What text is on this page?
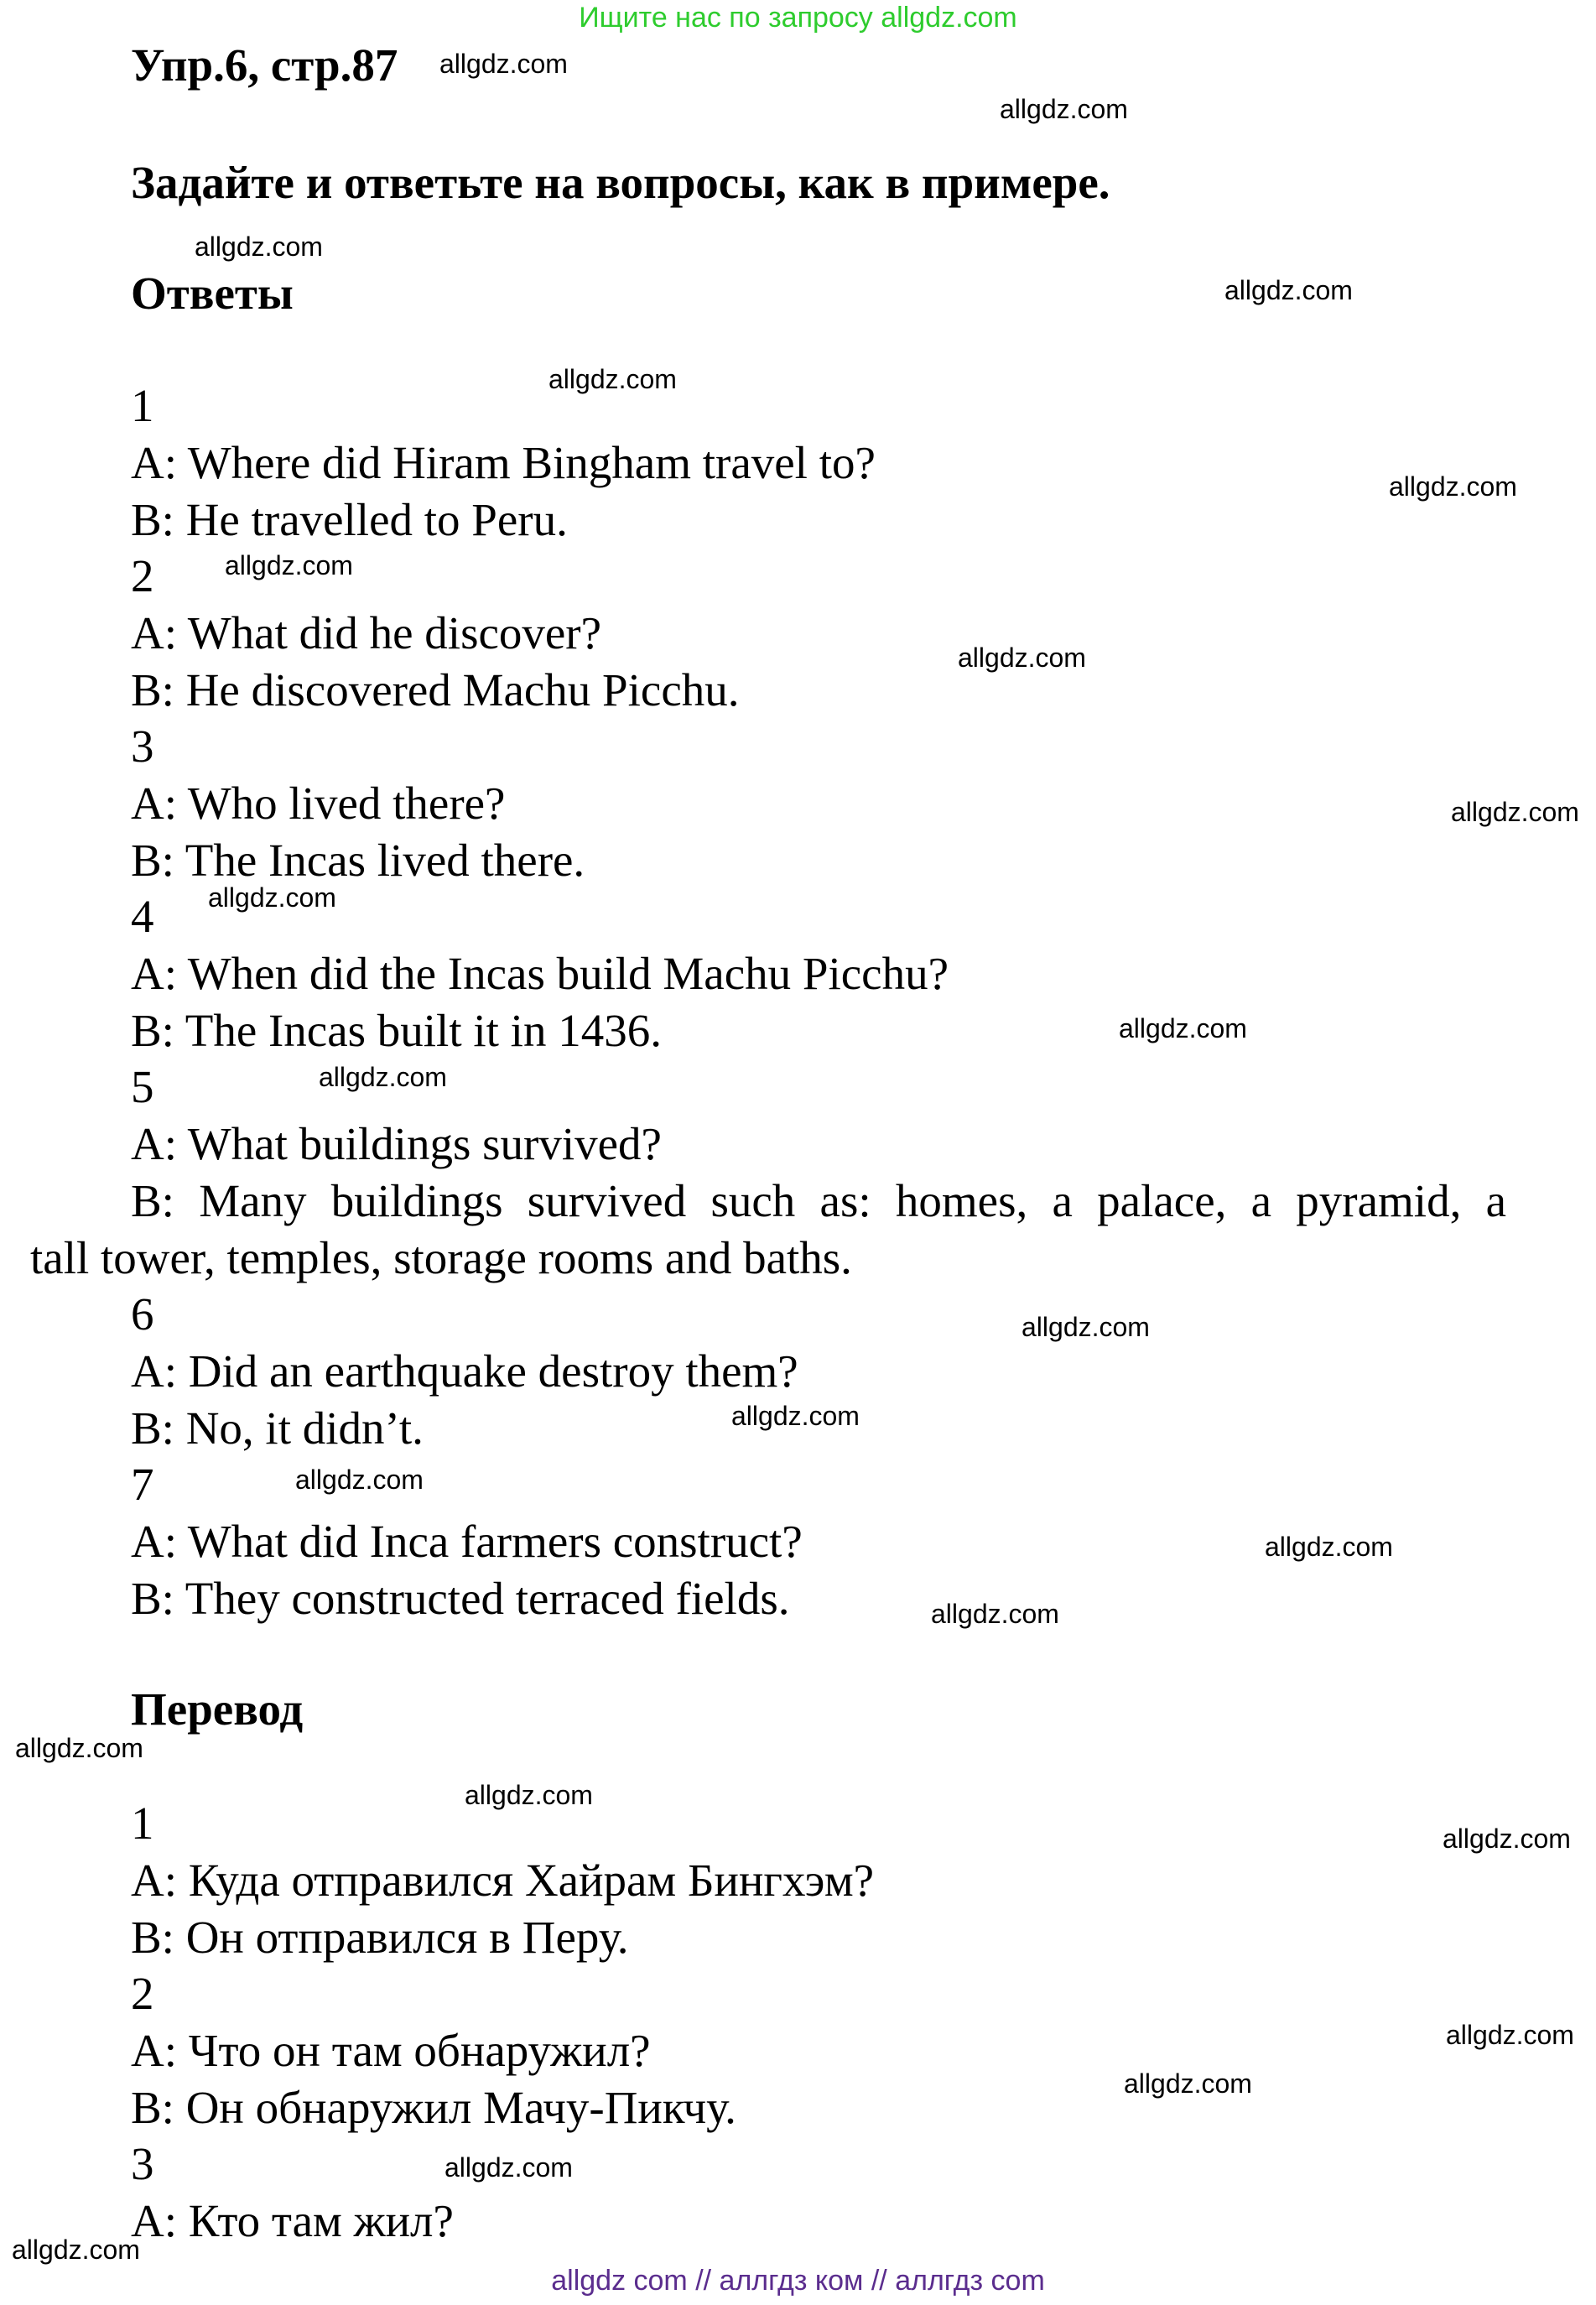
Ищите нас по запросу allgdz.com
Упр.6, стр.87
Задайте и ответьте на вопросы, как в примере.
Ответы
1
A: Where did Hiram Bingham travel to?
B: He travelled to Peru.
2
A: What did he discover?
B: He discovered Machu Picchu.
3
A: Who lived there?
B: The Incas lived there.
4
A: When did the Incas build Machu Picchu?
B: The Incas built it in 1436.
5
A: What buildings survived?
B: Many buildings survived such as: homes, a palace, a pyramid, a
tall tower, temples, storage rooms and baths.
6
A: Did an earthquake destroy them?
B: No, it didn’t.
7
A: What did Inca farmers construct?
B: They constructed terraced fields.
Перевод
1
A: Куда отправился Хайрам Бингхэм?
B: Он отправился в Перу.
2
A: Что он там обнаружил?
B: Он обнаружил Мачу-Пикчу.
3
A: Кто там жил?
allgdz.com
allgdz.com
allgdz.com
allgdz.com
allgdz.com
allgdz.com
allgdz.com
allgdz.com
allgdz.com
allgdz.com
allgdz.com
allgdz.com
allgdz.com
allgdz.com
allgdz.com
allgdz.com
allgdz.com
allgdz.com
allgdz.com
allgdz.com
allgdz.com
allgdz.com
allgdz.com
allgdz.com
allgdz com // аллгдз ком // аллгдз com
